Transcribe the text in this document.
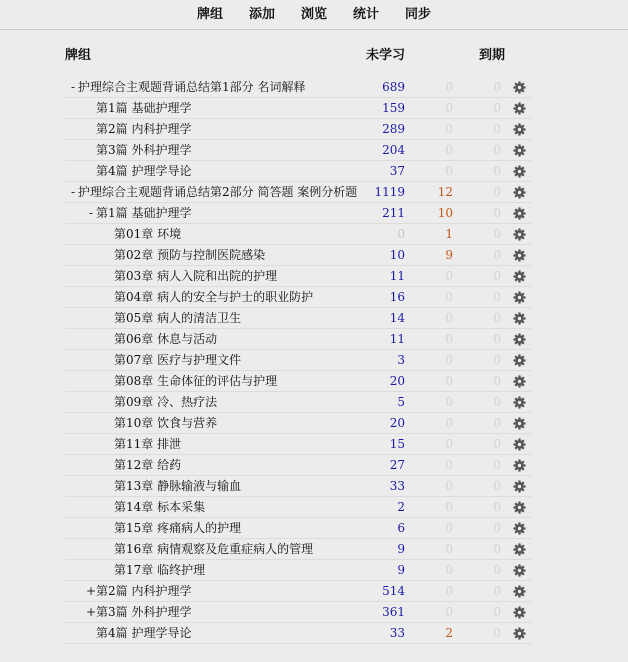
牌组	添加	浏览	统计	同步
牌组	未学习	到期
- 护理综合主观题背诵总结第1部分 名词解释	689	0	0
第1篇 基础护理学	159	0	0
第2篇 内科护理学	289	0	0
第3篇 外科护理学	204	0	0
第4篇 护理学导论	37	0	0
- 护理综合主观题背诵总结第2部分 简答题 案例分析题 1119	12	0
- 第1篇 基础护理学	211	10	0
第01章 环境	0	1	0
第02章 预防与控制医院感染	10	9	0
第03章 病人入院和出院的护理	11	0	0
第04章 病人的安全与护士的职业防护	16	0	0
第05章 病人的清洁卫生	14	0	0
第06章 休息与活动	11	0	0
第07章 医疗与护理文件	3	0	0
第08章 生命体征的评估与护理	20	0	0
第09章 冷、热疗法	5	0	0
第10章 饮食与营养	20	0	0
第11章 排泄	15	0	0
第12章 给药	27	0	0
第13章 静脉输液与输血	33	0	0
第14章 标本采集	2	0	0
第15章 疼痛病人的护理	6	0	0
第16章 病情观察及危重症病人的管理	9	0	0
第17章 临终护理	9	0	0
+ 第2篇 内科护理学	514	0	0
+ 第3篇 外科护理学	361	0	0
第4篇 护理学导论	33	2	0
